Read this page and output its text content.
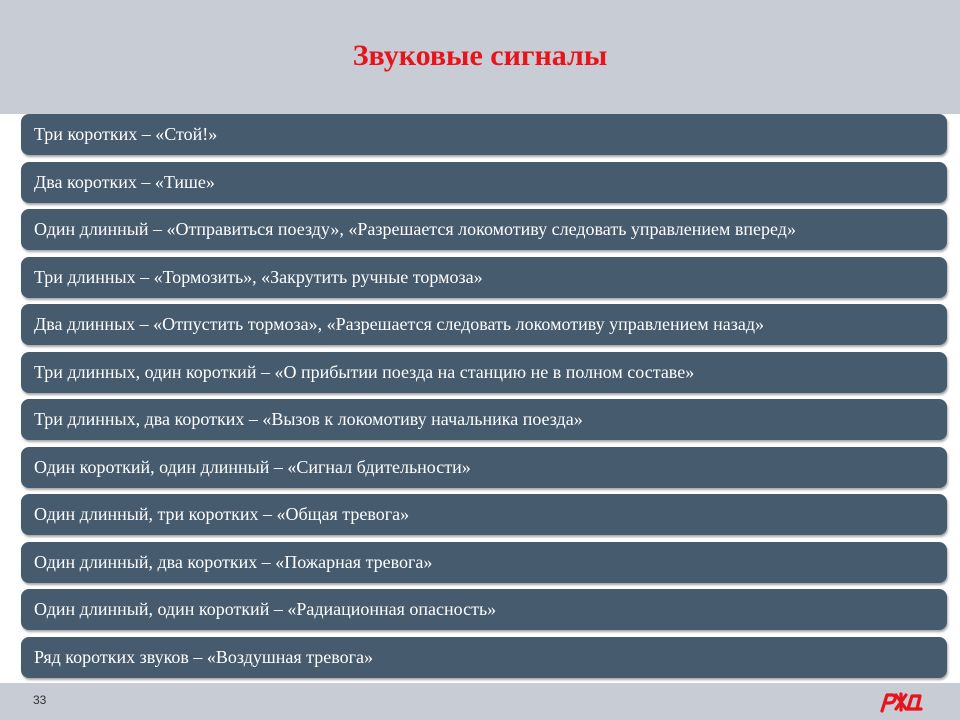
Звуковые сигналы
Три коротких – «Стой!»
Два коротких – «Тише»
Один длинный – «Отправиться поезду», «Разрешается локомотиву следовать управлением вперед»
Три длинных – «Тормозить», «Закрутить ручные тормоза»
Два длинных – «Отпустить тормоза», «Разрешается следовать локомотиву управлением назад»
Три длинных, один короткий – «О прибытии поезда на станцию не в полном составе»
Три длинных, два коротких – «Вызов к локомотиву начальника поезда»
Один короткий, один длинный – «Сигнал бдительности»
Один длинный, три коротких – «Общая тревога»
Один длинный, два коротких – «Пожарная тревога»
Один длинный, один короткий – «Радиационная опасность»
Ряд коротких звуков – «Воздушная тревога»
33
